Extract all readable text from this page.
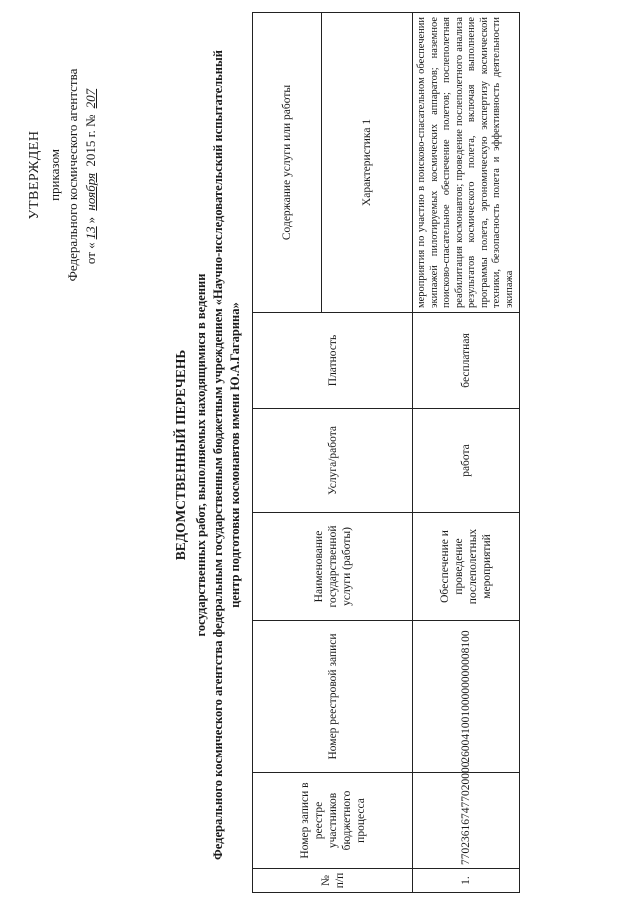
УТВЕРЖДЕН приказом Федерального космического агентства от «13» ноября 2015 г. № 207
ВЕДОМСТВЕННЫЙ ПЕРЕЧЕНЬ государственных работ, выполняемых находящимися в ведении Федерального космического агентства федеральным государственным бюджетным учреждением «Научно-исследовательский испытательный центр подготовки космонавтов имени Ю.А.Гагарина»
№ п/п	Номер записи в реестре участников бюджетного процесса	Номер реестровой записи	Наименование государственной услуги (работы)	Услуга/работа	Платность	Содержание услуги или работы
						Характеристика 1
1.	770236167477020000	26004100100000000008100	Обеспечение и проведение послеполетных мероприятий	работа	бесплатная	мероприятия по участию в поисково-спасательном обеспечении экипажей пилотируемых космических аппаратов; наземное поисково-спасательное обеспечение полетов; послеполетная реабилитация космонавтов; проведение послеполетного анализа результатов космического полета, включая выполнение программы полета, эргономическую экспертизу космической техники, безопасность полета и эффективность деятельности экипажа
